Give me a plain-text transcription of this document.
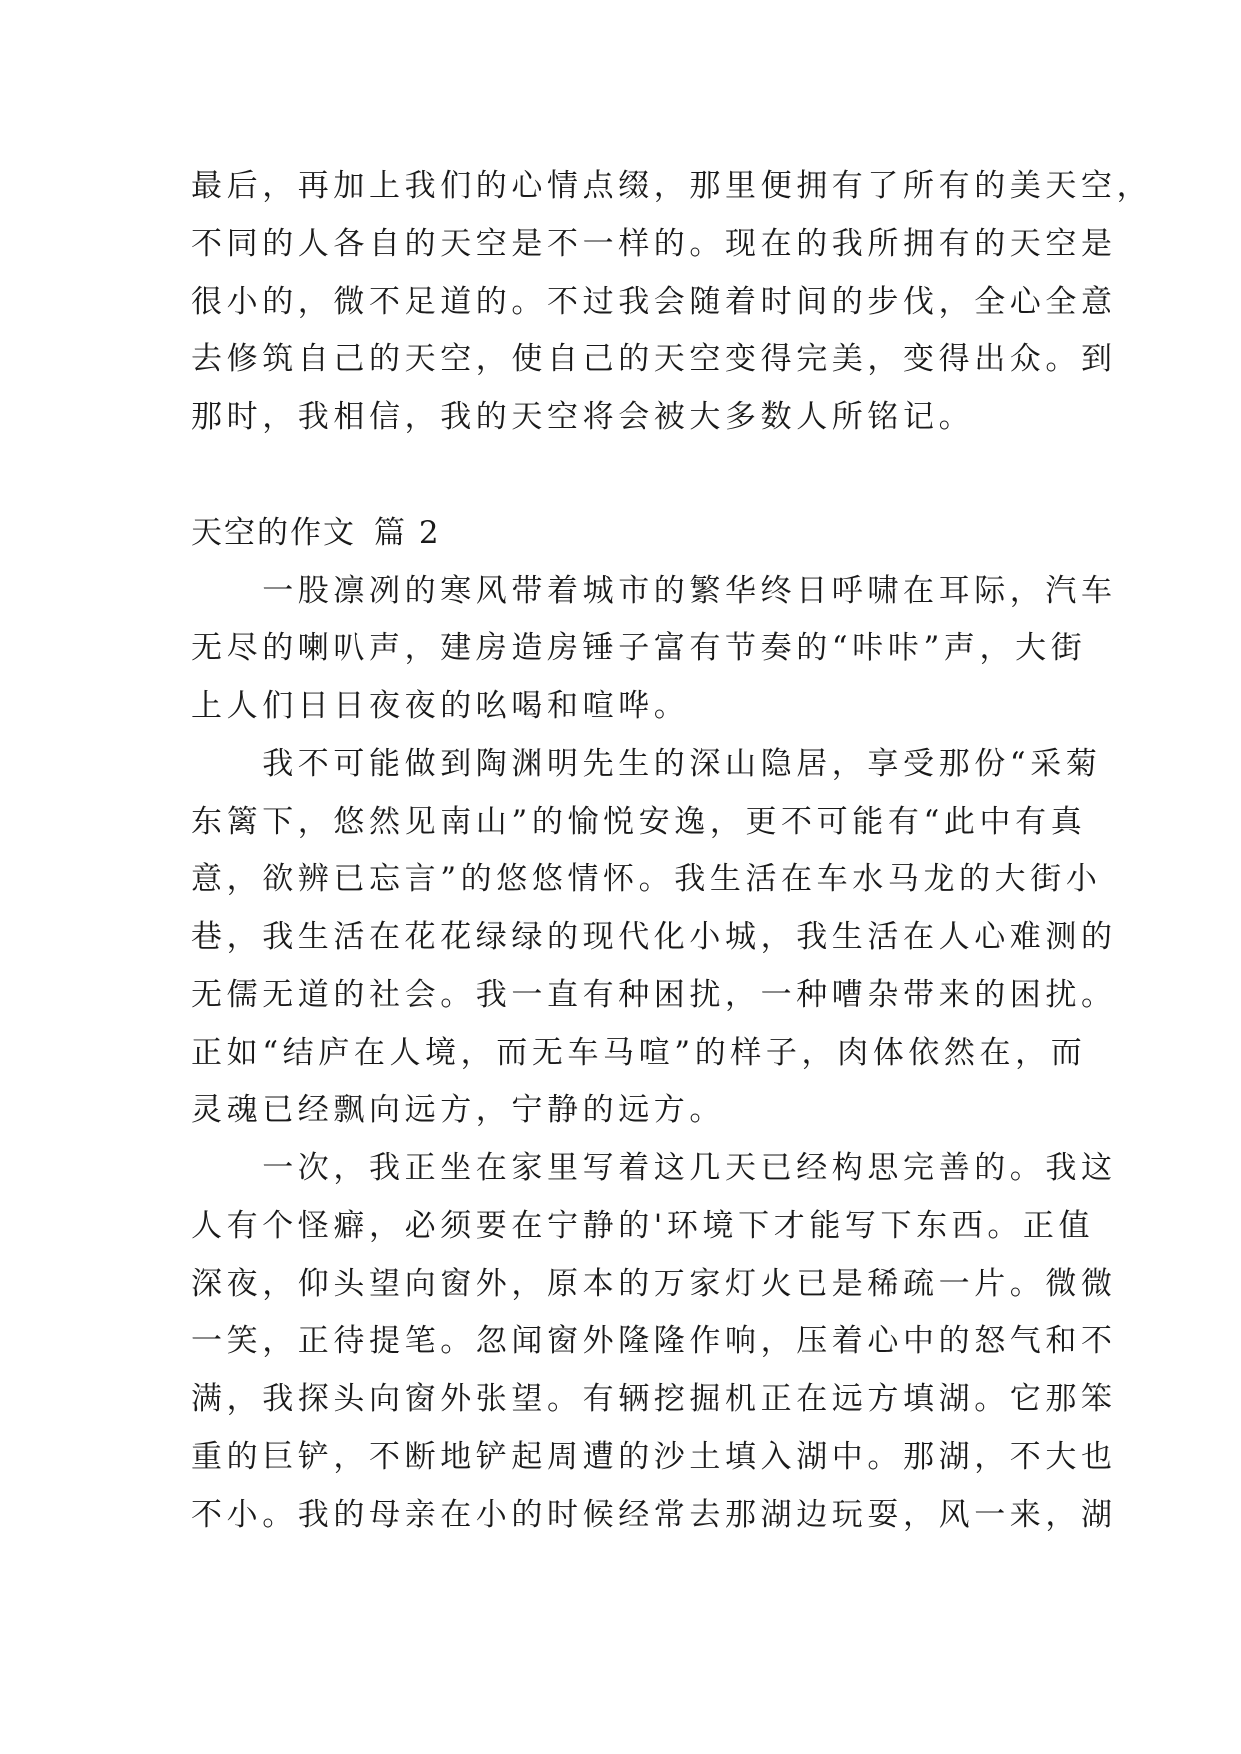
最后，再加上我们的心情点缀，那里便拥有了所有的美天空，
不同的人各自的天空是不一样的。现在的我所拥有的天空是
很小的，微不足道的。不过我会随着时间的步伐，全心全意
去修筑自己的天空，使自己的天空变得完美，变得出众。到
那时，我相信，我的天空将会被大多数人所铭记。
天空的作文 篇 2
　　一股凛冽的寒风带着城市的繁华终日呼啸在耳际，汽车
无尽的喇叭声，建房造房锤子富有节奏的“咔咔”声，大街
上人们日日夜夜的吆喝和喧哗。
　　我不可能做到陶渊明先生的深山隐居，享受那份“采菊
东篱下，悠然见南山”的愉悦安逸，更不可能有“此中有真
意，欲辨已忘言”的悠悠情怀。我生活在车水马龙的大街小
巷，我生活在花花绿绿的现代化小城，我生活在人心难测的
无儒无道的社会。我一直有种困扰，一种嘈杂带来的困扰。
正如“结庐在人境，而无车马喧”的样子，肉体依然在，而
灵魂已经飘向远方，宁静的远方。
　　一次，我正坐在家里写着这几天已经构思完善的。我这
人有个怪癖，必须要在宁静的'环境下才能写下东西。正值
深夜，仰头望向窗外，原本的万家灯火已是稀疏一片。微微
一笑，正待提笔。忽闻窗外隆隆作响，压着心中的怒气和不
满，我探头向窗外张望。有辆挖掘机正在远方填湖。它那笨
重的巨铲，不断地铲起周遭的沙土填入湖中。那湖，不大也
不小。我的母亲在小的时候经常去那湖边玩耍，风一来，湖
